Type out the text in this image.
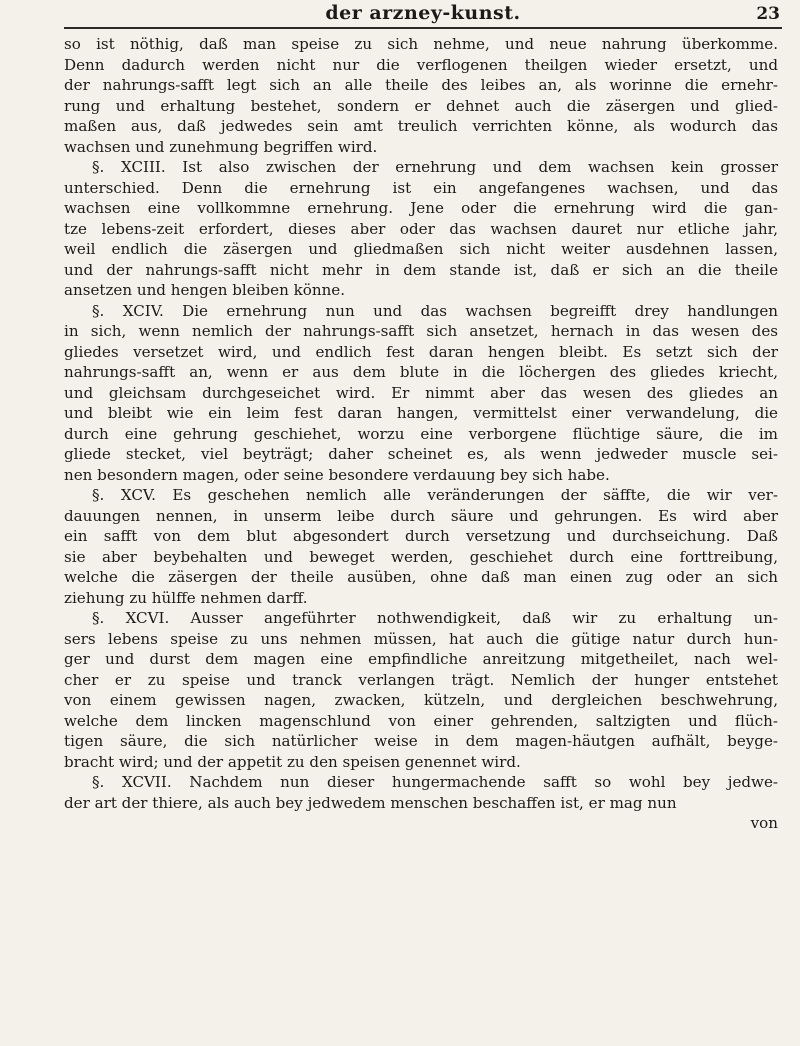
der arzney-kunst.	23
so ist nöthig, daß man speise zu sich nehme, und neue nahrung überkomme.
Denn dadurch werden nicht nur die verflogenen theilgen wieder ersetzt, und
der nahrungs-safft legt sich an alle theile des leibes an, als worinne die ernehr-
rung und erhaltung bestehet, sondern er dehnet auch die zäsergen und glied-
maßen aus, daß jedwedes sein amt treulich verrichten könne, als wodurch das
wachsen und zunehmung begriffen wird.
§. XCIII. Ist also zwischen der ernehrung und dem wachsen kein grosser
unterschied. Denn die ernehrung ist ein angefangenes wachsen, und das
wachsen eine vollkommne ernehrung. Jene oder die ernehrung wird die gan-
tze lebens-zeit erfordert, dieses aber oder das wachsen dauret nur etliche jahr,
weil endlich die zäsergen und gliedmaßen sich nicht weiter ausdehnen lassen,
und der nahrungs-safft nicht mehr in dem stande ist, daß er sich an die theile
ansetzen und hengen bleiben könne.
§. XCIV. Die ernehrung nun und das wachsen begreifft drey handlungen
in sich, wenn nemlich der nahrungs-safft sich ansetzet, hernach in das wesen des
gliedes versetzet wird, und endlich fest daran hengen bleibt. Es setzt sich der
nahrungs-safft an, wenn er aus dem blute in die löchergen des gliedes kriecht,
und gleichsam durchgeseichet wird. Er nimmt aber das wesen des gliedes an
und bleibt wie ein leim fest daran hangen, vermittelst einer verwandelung, die
durch eine gehrung geschiehet, worzu eine verborgene flüchtige säure, die im
gliede stecket, viel beyträgt; daher scheinet es, als wenn jedweder muscle sei-
nen besondern magen, oder seine besondere verdauung bey sich habe.
§. XCV. Es geschehen nemlich alle veränderungen der säffte, die wir ver-
dauungen nennen, in unserm leibe durch säure und gehrungen. Es wird aber
ein safft von dem blut abgesondert durch versetzung und durchseichung. Daß
sie aber beybehalten und beweget werden, geschiehet durch eine forttreibung,
welche die zäsergen der theile ausüben, ohne daß man einen zug oder an sich
ziehung zu hülffe nehmen darff.
§. XCVI. Ausser angeführter nothwendigkeit, daß wir zu erhaltung un-
sers lebens speise zu uns nehmen müssen, hat auch die gütige natur durch hun-
ger und durst dem magen eine empfindliche anreitzung mitgetheilet, nach wel-
cher er zu speise und tranck verlangen trägt. Nemlich der hunger entstehet
von einem gewissen nagen, zwacken, kützeln, und dergleichen beschwehrung,
welche dem lincken magenschlund von einer gehrenden, saltzigten und flüch-
tigen säure, die sich natürlicher weise in dem magen-häutgen aufhält, beyge-
bracht wird; und der appetit zu den speisen genennet wird.
§. XCVII. Nachdem nun dieser hungermachende safft so wohl bey jedwe-
der art der thiere, als auch bey jedwedem menschen beschaffen ist, er mag nun
von
